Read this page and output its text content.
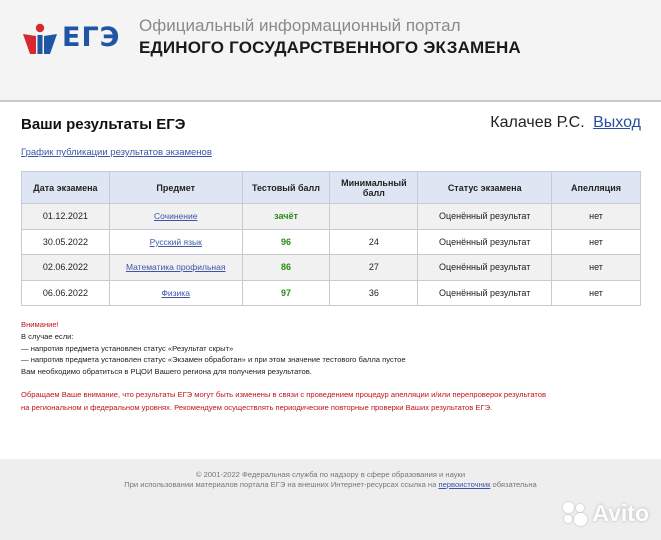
ЕГЭ Официальный информационный портал
ЕДИНОГО ГОСУДАРСТВЕННОГО ЭКЗАМЕНА
Ваши результаты ЕГЭ	Калачев Р.С. Выход
График публикации результатов экзаменов
Дата экзамена	Предмет	Тестовый балл	Минимальный балл	Статус экзамена	Апелляция
01.12.2021	Сочинение	зачёт		Оценённый результат	нет
30.05.2022	Русский язык	96	24	Оценённый результат	нет
02.06.2022	Математика профильная	86	27	Оценённый результат	нет
06.06.2022	Физика	97	36	Оценённый результат	нет
Внимание!
В случае если:
— напротив предмета установлен статус «Результат скрыт»
— напротив предмета установлен статус «Экзамен обработан» и при этом значение тестового балла пустое
Вам необходимо обратиться в РЦОИ Вашего региона для получения результатов.
Обращаем Ваше внимание, что результаты ЕГЭ могут быть изменены в связи с проведением процедур апелляции и/или перепроверок результатов
на региональном и федеральном уровнях. Рекомендуем осуществлять периодические повторные проверки Ваших результатов ЕГЭ.
© 2001-2022 Федеральная служба по надзору в сфере образования и науки
При использовании материалов портала ЕГЭ на внешних Интернет-ресурсах ссылка на первоисточник обязательна
Avito
